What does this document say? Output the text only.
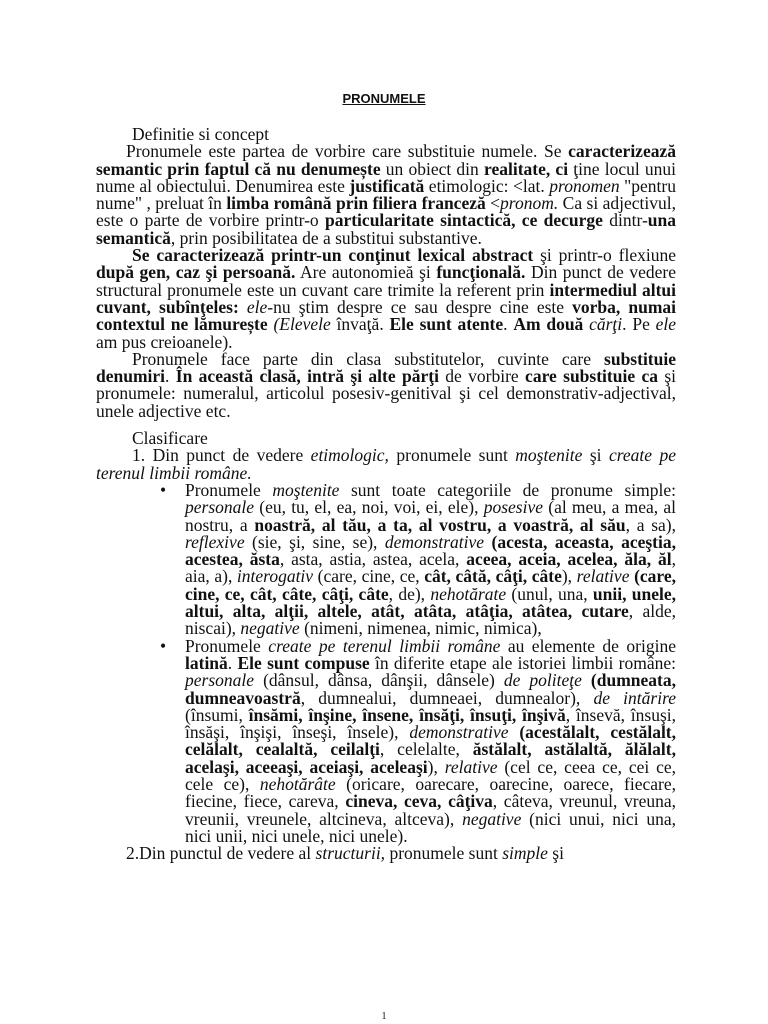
PRONUMELE

Definitie si concept

Pronumele este partea de vorbire care substituie numele. Se caracterizează semantic prin faptul că nu denumește un obiect din realitate, ci ţine locul unui nume al obiectului. Denumirea este justificată etimologic: <lat. pronomen "pentru nume" , preluat în limba română prin filiera franceză <pronom. Ca si adjectivul, este o parte de vorbire printr-o particularitate sintactică, ce decurge dintr-una semantică, prin posibilitatea de a substitui substantive.

Se caracterizează printr-un conţinut lexical abstract şi printr-o flexiune după gen, caz şi persoană. Are autonomieă şi funcţională. Din punct de vedere structural pronumele este un cuvant care trimite la referent prin intermediul altui cuvant, subînţeles: ele-nu ştim despre ce sau despre cine este vorba, numai contextul ne lămurește (Elevele învaţă. Ele sunt atente. Am două cărţi. Pe ele am pus creioanele).

Pronumele face parte din clasa substitutelor, cuvinte care substituie denumiri. În această clasă, intră şi alte părţi de vorbire care substituie ca şi pronumele: numeralul, articolul posesiv-genitival şi cel demonstrativ-adjectival, unele adjective etc.

Clasificare

1. Din punct de vedere etimologic, pronumele sunt moştenite şi create pe terenul limbii române.

• Pronumele moştenite sunt toate categoriile de pronume simple: personale (eu, tu, el, ea, noi, voi, ei, ele), posesive (al meu, a mea, al nostru, a noastră, al tău, a ta, al vostru, a voastră, al său, a sa), reflexive (sie, şi, sine, se), demonstrative (acesta, aceasta, aceştia, acestea, ăsta, asta, astia, astea, acela, aceea, aceia, acelea, ăla, ăl, aia, a), interogativ (care, cine, ce, cât, câtă, câţi, câte), relative (care, cine, ce, cât, câte, câţi, câte, de), nehotărate (unul, una, unii, unele, altui, alta, alţii, altele, atât, atâta, atâţia, atâtea, cutare, alde, niscai), negative (nimeni, nimenea, nimic, nimica),
• Pronumele create pe terenul limbii române au elemente de origine latină. Ele sunt compuse în diferite etape ale istoriei limbii române: personale (dânsul, dânsa, dânşii, dânsele) de politeţe (dumneata, dumneavoastră, dumnealui, dumneaei, dumnealor), de intărire (însumi, însămi, înşine, însene, însăţi, însuţi, înşivă, însevă, însuşi, însăşi, înşişi, înseşi, însele), demonstrative (acestălalt, cestălalt, celălalt, cealaltă, ceilalţi, celelalte, ăstălalt, astălaltă, ălălalt, acelaşi, aceeaşi, aceiaşi, aceleaşi), relative (cel ce, ceea ce, cei ce, cele ce), nehotărâte (oricare, oarecare, oarecine, oarece, fiecare, fiecine, fiece, careva, cineva, ceva, câţiva, câteva, vreunul, vreuna, vreunii, vreunele, altcineva, altceva), negative (nici unui, nici una, nici unii, nici unele, nici unele).

2.Din punctul de vedere al structurii, pronumele sunt simple şi

1
